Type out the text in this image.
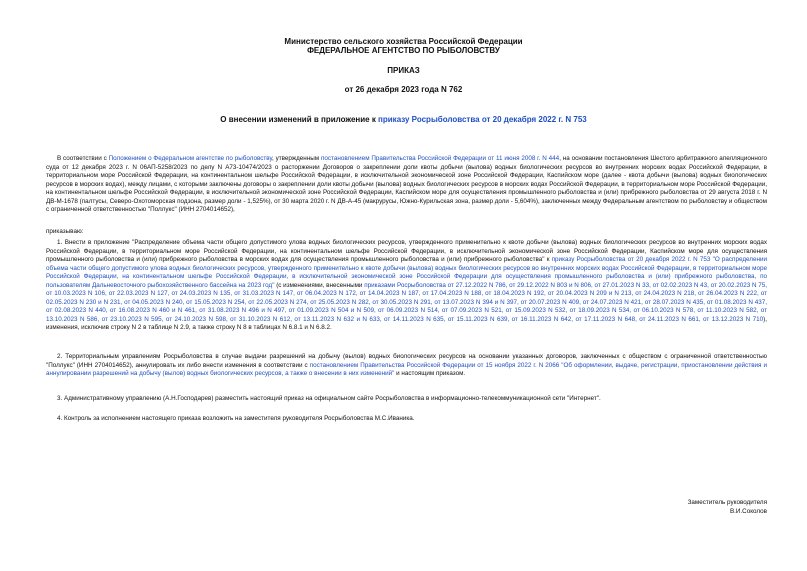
Министерство сельского хозяйства Российской Федерации
ФЕДЕРАЛЬНОЕ АГЕНТСТВО ПО РЫБОЛОВСТВУ
ПРИКАЗ
от 26 декабря 2023 года N 762
О внесении изменений в приложение к приказу Росрыболовства от 20 декабря 2022 г. N 753
В соответствии с Положением о Федеральном агентстве по рыболовству, утвержденным постановлением Правительства Российской Федерации от 11 июня 2008 г. N 444, на основании постановления Шестого арбитражного апелляционного суда от 12 декабря 2023 г. N 06АП-5258/2023 по делу N А73-10474/2023 о расторжении Договоров о закреплении доли квоты добычи (вылова) водных биологических ресурсов во внутренних морских водах Российской Федерации, в территориальном море Российской Федерации, на континентальном шельфе Российской Федерации, в исключительной экономической зоне Российской Федерации, Каспийском море (далее - квота добычи (вылова) водных биологических ресурсов в морских водах), между лицами, с которыми заключены договоры о закреплении доли квоты добычи (вылова) водных биологических ресурсов в морских водах Российской Федерации, в территориальном море Российской Федерации, на континентальном шельфе Российской Федерации, в исключительной экономической зоне Российской Федерации, Каспийском море для осуществления промышленного рыболовства и (или) прибрежного рыболовства от 29 августа 2018 г. N ДВ-М-1678 (палтусы, Северо-Охотоморская подзона, размер доли - 1,525%), от 30 марта 2020 г. N ДВ-А-45 (макрурусы, Южно-Курильская зона, размер доли - 5,604%), заключенных между Федеральным агентством по рыболовству и обществом с ограниченной ответственностью "Поллукс" (ИНН 2704014652),
приказываю:
1. Внести в приложение "Распределение объема части общего допустимого улова водных биологических ресурсов, утвержденного применительно к квоте добычи (вылова) водных биологических ресурсов во внутренних морских водах Российской Федерации, в территориальном море Российской Федерации, на континентальном шельфе Российской Федерации, в исключительной экономической зоне Российской Федерации, Каспийском море для осуществления промышленного рыболовства и (или) прибрежного рыболовства в морских водах для осуществления промышленного рыболовства и (или) прибрежного рыболовства" к приказу Росрыболовства от 20 декабря 2022 г. N 753 "О распределении объема части общего допустимого улова водных биологических ресурсов, утвержденного применительно к квоте добычи (вылова) водных биологических ресурсов во внутренних морских водах Российской Федерации, в территориальном море Российской Федерации, на континентальном шельфе Российской Федерации, в исключительной экономической зоне Российской Федерации для осуществления промышленного рыболовства и (или) прибрежного рыболовства, по пользователям Дальневосточного рыбохозяйственного бассейна на 2023 год" (с изменениями, внесенными приказами Росрыболовства от 27.12.2022 N 786, от 29.12.2022 N 803 и N 806, от 27.01.2023 N 33, от 02.02.2023 N 43, от 20.02.2023 N 75, от 10.03.2023 N 106, от 22.03.2023 N 127, от 24.03.2023 N 135, от 31.03.2023 N 147, от 06.04.2023 N 172, от 14.04.2023 N 187, от 17.04.2023 N 188, от 18.04.2023 N 192, от 20.04.2023 N 209 и N 213, от 24.04.2023 N 218, от 26.04.2023 N 222, от 02.05.2023 N 230 и N 231, от 04.05.2023 N 240, от 15.05.2023 N 254, от 22.05.2023 N 274, от 25.05.2023 N 282, от 30.05.2023 N 291, от 13.07.2023 N 394 и N 397, от 20.07.2023 N 409, от 24.07.2023 N 421, от 28.07.2023 N 435, от 01.08.2023 N 437, от 02.08.2023 N 440, от 16.08.2023 N 460 и N 461, от 31.08.2023 N 496 и N 497, от 01.09.2023 N 504 и N 509, от 06.09.2023 N 514, от 07.09.2023 N 521, от 15.09.2023 N 532, от 18.09.2023 N 534, от 06.10.2023 N 578, от 11.10.2023 N 582, от 13.10.2023 N 586, от 23.10.2023 N 595, от 24.10.2023 N 598, от 31.10.2023 N 612, от 13.11.2023 N 632 и N 633, от 14.11.2023 N 635, от 15.11.2023 N 639, от 16.11.2023 N 642, от 17.11.2023 N 648, от 24.11.2023 N 661, от 13.12.2023 N 710), изменения, исключив строку N 2 в таблице N 2.9, а также строку N 8 в таблицах N 6.8.1 и N 6.8.2.
2. Территориальным управлениям Росрыболовства в случае выдачи разрешений на добычу (вылов) водных биологических ресурсов на основании указанных договоров, заключенных с обществом с ограниченной ответственностью "Поллукс" (ИНН 2704014652), аннулировать их либо внести изменения в соответствии с постановлением Правительства Российской Федерации от 15 ноября 2022 г. N 2066 "Об оформлении, выдаче, регистрации, приостановлении действия и аннулировании разрешений на добычу (вылов) водных биологических ресурсов, а также о внесении в них изменений" и настоящим приказом.
3. Административному управлению (А.Н.Господарев) разместить настоящий приказ на официальном сайте Росрыболовства в информационно-телекоммуникационной сети "Интернет".
4. Контроль за исполнением настоящего приказа возложить на заместителя руководителя Росрыболовства М.С.Иваника.
Заместитель руководителя
В.И.Соколов
